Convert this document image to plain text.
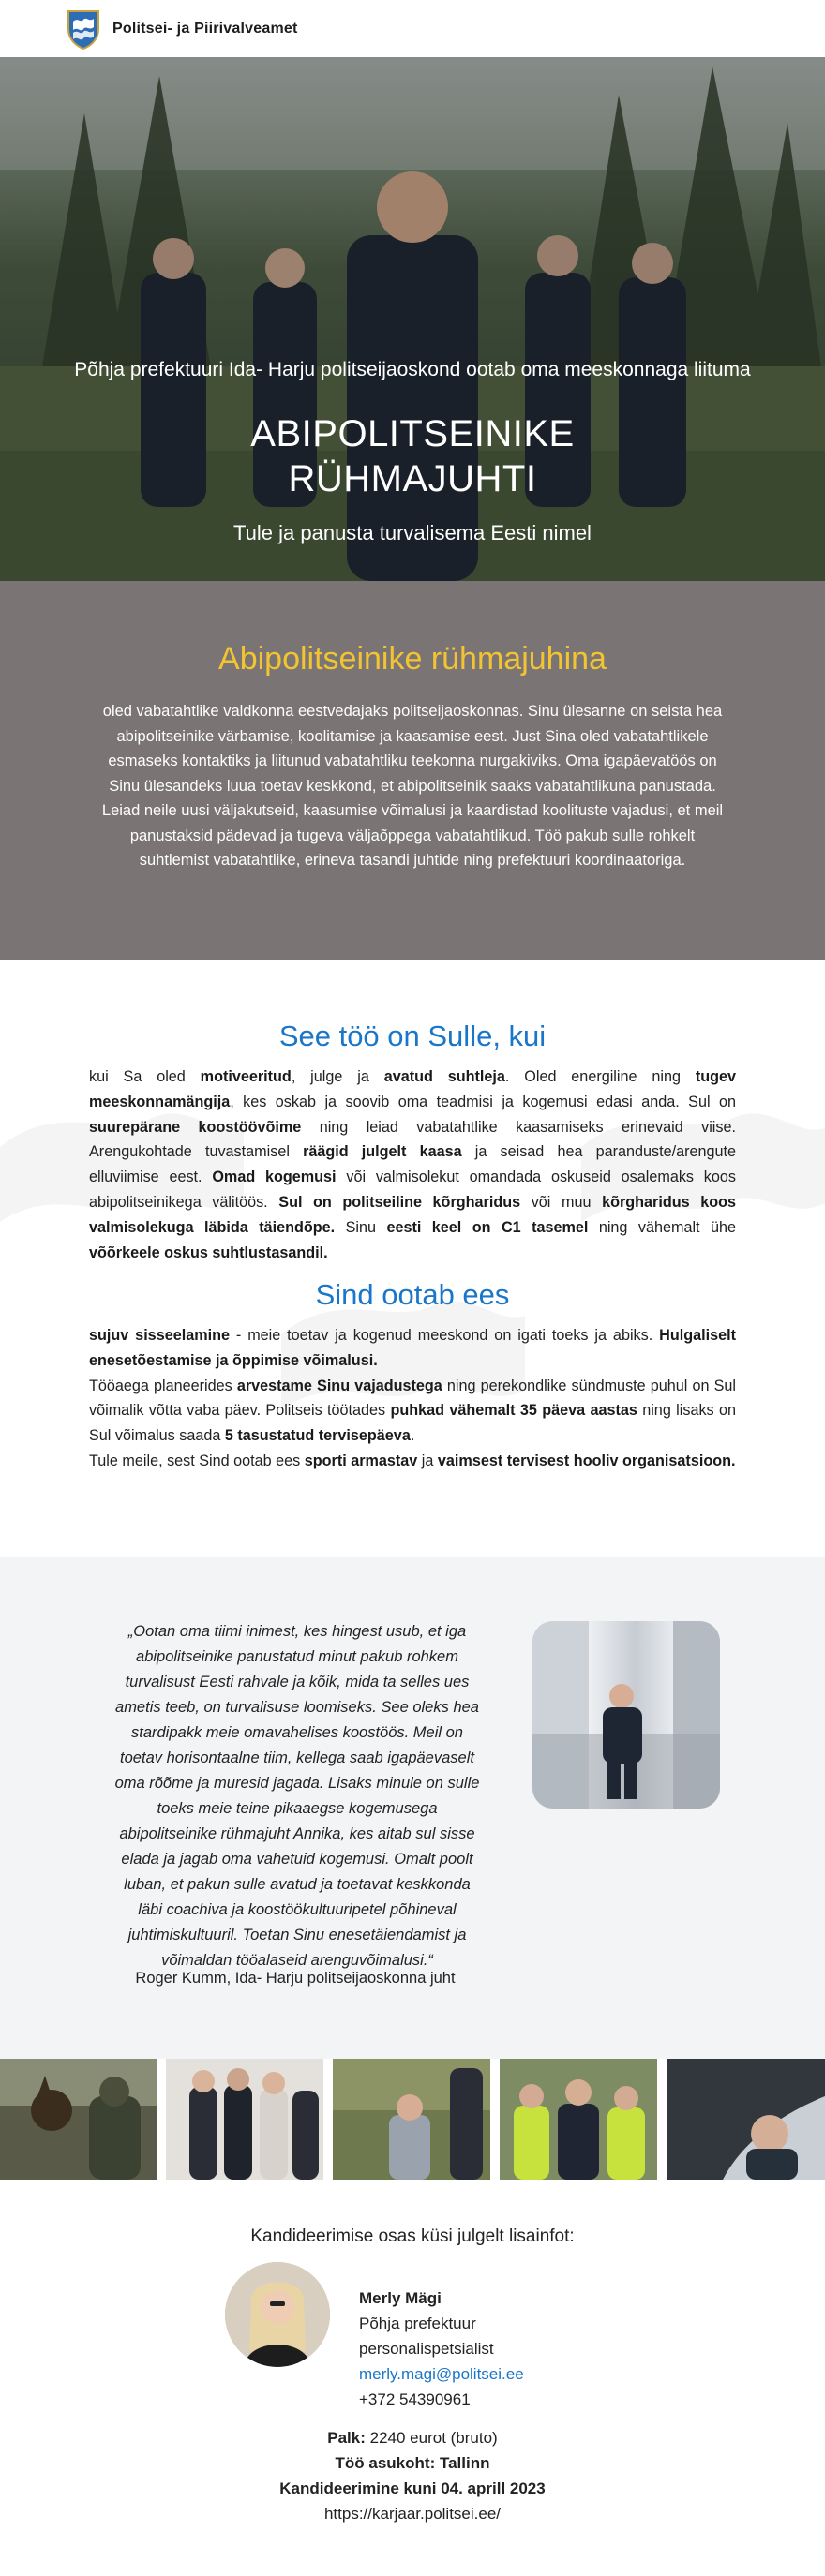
Politsei- ja Piirivalveamet
Põhja prefektuuri Ida- Harju politseijaoskond ootab oma meeskonnaga liituma
ABIPOLITSEINIKE
RÜHMAJUHTI
Tule ja panusta turvalisema Eesti nimel
Abipolitseinike rühmajuhina
oled vabatahtlike valdkonna eestvedajaks politseijaoskonnas. Sinu ülesanne on seista hea abipolitseinike värbamise, koolitamise ja kaasamise eest. Just Sina oled vabatahtlikele esmaseks kontaktiks ja liitunud vabatahtliku teekonna nurgakiviks. Oma igapäevatöös on Sinu ülesandeks luua toetav keskkond, et abipolitseinik saaks vabatahtlikuna panustada. Leiad neile uusi väljakutseid, kaasumise võimalusi ja kaardistad koolituste vajadusi, et meil panustaksid pädevad ja tugeva väljaõppega vabatahtlikud. Töö pakub sulle rohkelt suhtlemist vabatahtlike, erineva tasandi juhtide ning prefektuuri koordinaatoriga.
See töö on Sulle, kui
kui Sa oled motiveeritud, julge ja avatud suhtleja. Oled energiline ning tugev meeskonnamängija, kes oskab ja soovib oma teadmisi ja kogemusi edasi anda. Sul on suurepärane koostöövõime ning leiad vabatahtlike kaasamiseks erinevaid viise. Arengukohtade tuvastamisel räägid julgelt kaasa ja seisad hea paranduste/arengute elluviimise eest. Omad kogemusi või valmisolekut omandada oskuseid osalemaks koos abipolitseinikega välitöös. Sul on politseiline kõrgharidus või muu kõrgharidus koos valmisolekuga läbida täiendõpe. Sinu eesti keel on C1 tasemel ning vähemalt ühe võõrkeele oskus suhtlustasandil.
Sind ootab ees
sujuv sisseelamine - meie toetav ja kogenud meeskond on igati toeks ja abiks. Hulgaliselt enesetõestamise ja õppimise võimalusi.
Tööaega planeerides arvestame Sinu vajadustega ning perekondlike sündmuste puhul on Sul võimalik võtta vaba päev. Politseis töötades puhkad vähemalt 35 päeva aastas ning lisaks on Sul võimalus saada 5 tasustatud tervisepäeva.
Tule meile, sest Sind ootab ees sporti armastav ja vaimsest tervisest hooliv organisatsioon.
„Ootan oma tiimi inimest, kes hingest usub, et iga abipolitseinike panustatud minut pakub rohkem turvalisust Eesti rahvale ja kõik, mida ta selles ues ametis teeb, on turvalisuse loomiseks. See oleks hea stardipakk meie omavahelises koostöös. Meil on toetav horisontaalne tiim, kellega saab igapäevaselt oma rõõme ja muresid jagada. Lisaks minule on sulle toeks meie teine pikaaegse kogemusega abipolitseinike rühmajuht Annika, kes aitab sul sisse elada ja jagab oma vahetuid kogemusi. Omalt poolt luban, et pakun sulle avatud ja toetavat keskkonda läbi coachiva ja koostöökultuuripetel põhineval juhtimiskultuuril. Toetan Sinu enesetäiendamist ja võimaldan tööalaseid arenguvõimalusi.“
Roger Kumm, Ida- Harju politseijaoskonna juht
Kandideerimise osas küsi julgelt lisainfot:
Merly Mägi
Põhja prefektuur
personalispetsialist
merly.magi@politsei.ee
+372 54390961
Palk: 2240 eurot (bruto)
Töö asukoht: Tallinn
Kandideerimine kuni 04. aprill 2023
https://karjaar.politsei.ee/
